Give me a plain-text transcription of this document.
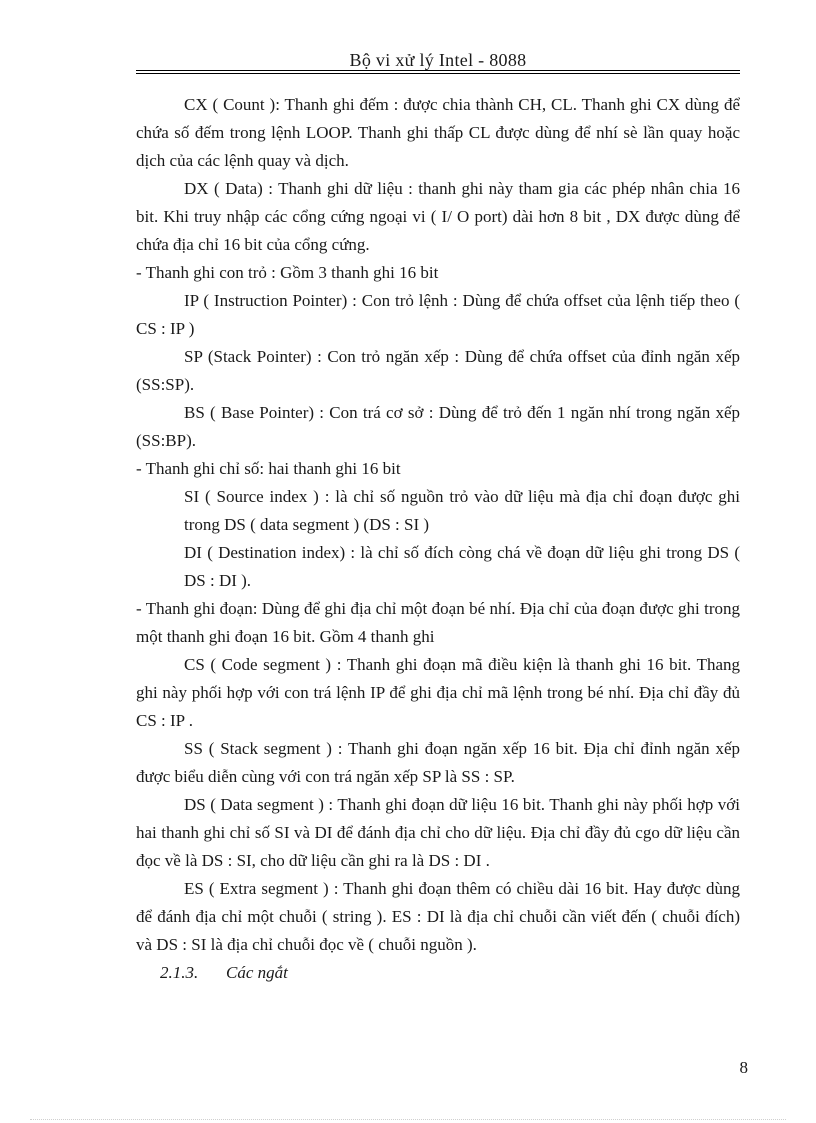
Bộ vi xử lý Intel - 8088

CX ( Count ): Thanh ghi đếm : được chia thành CH, CL. Thanh ghi CX dùng để chứa số đếm trong lệnh LOOP. Thanh ghi thấp CL được dùng để nhí sè lần quay hoặc dịch của các lệnh quay và dịch.

DX ( Data) : Thanh ghi dữ liệu : thanh ghi này tham gia các phép nhân chia 16 bit. Khi truy nhập các cổng cứng ngoại vi ( I/ O port) dài hơn 8 bit , DX được dùng để chứa địa chỉ 16 bit của cổng cứng.

- Thanh ghi con trỏ : Gồm 3 thanh ghi 16 bit

IP ( Instruction Pointer) : Con trỏ lệnh : Dùng để chứa offset của lệnh tiếp theo ( CS : IP )

SP (Stack Pointer) : Con trỏ ngăn xếp : Dùng để chứa offset của đỉnh ngăn xếp (SS:SP).

BS ( Base Pointer) : Con trá cơ sở : Dùng để trỏ đến 1 ngăn nhí trong ngăn xếp (SS:BP).

- Thanh ghi chỉ số: hai thanh ghi 16 bit

SI ( Source index ) : là chỉ số nguồn trỏ vào dữ liệu mà địa chỉ đoạn được ghi trong DS ( data segment ) (DS : SI )

DI ( Destination index) : là chỉ số đích còng chá về đoạn dữ liệu ghi trong DS ( DS : DI ).

- Thanh ghi đoạn: Dùng để ghi địa chỉ một đoạn bé nhí. Địa chỉ của đoạn được ghi trong một thanh ghi đoạn 16 bit. Gồm 4 thanh ghi

CS ( Code segment ) : Thanh ghi đoạn mã điều kiện là thanh ghi 16 bit. Thang ghi này phối hợp với con trá lệnh IP để ghi địa chỉ mã lệnh trong bé nhí. Địa chỉ đầy đủ CS : IP .

SS ( Stack segment ) : Thanh ghi đoạn ngăn xếp 16 bit. Địa chỉ đỉnh ngăn xếp được biểu diễn cùng với con trá ngăn xếp SP là SS : SP.

DS ( Data segment ) : Thanh ghi đoạn dữ liệu 16 bit. Thanh ghi này phối hợp với hai thanh ghi chỉ số SI và DI để đánh địa chỉ cho dữ liệu. Địa chỉ đầy đủ cgo dữ liệu cần đọc về là DS : SI, cho dữ liệu cần ghi ra là DS : DI .

ES ( Extra segment ) : Thanh ghi đoạn thêm có chiều dài 16 bit. Hay được dùng để đánh địa chỉ một chuỗi ( string ). ES : DI là địa chỉ chuỗi cần viết đến ( chuỗi đích) và DS : SI là địa chỉ chuỗi đọc về ( chuỗi nguồn ).

2.1.3. Các ngắt

8
